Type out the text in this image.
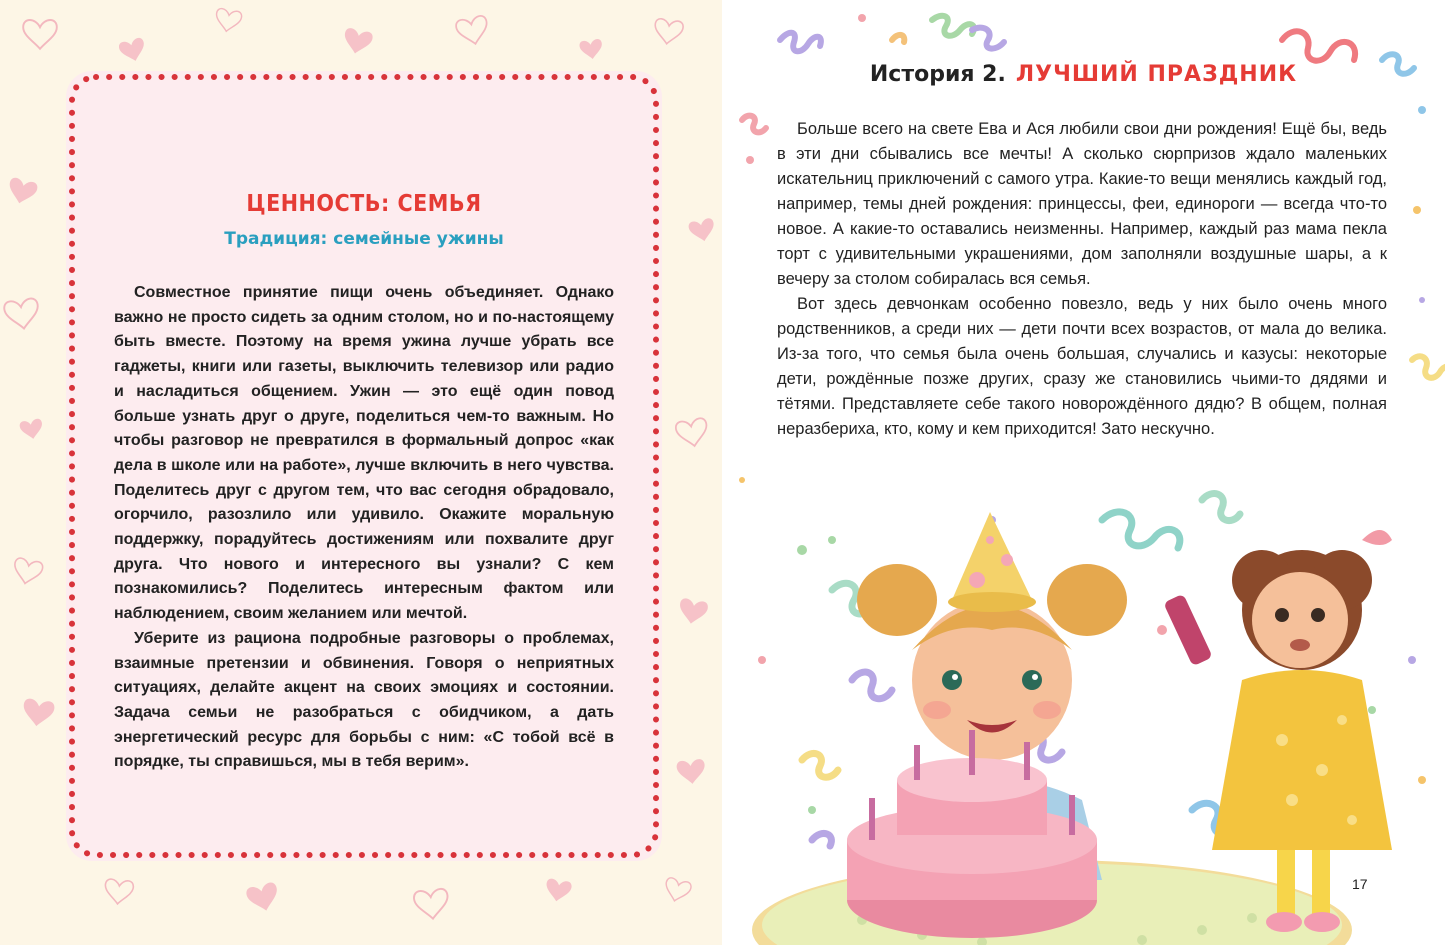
ЦЕННОСТЬ: СЕМЬЯ
Традиция: семейные ужины

Совместное принятие пищи очень объединяет. Однако важно не просто сидеть за одним столом, но и по-настоящему быть вместе. Поэтому на время ужина лучше убрать все гаджеты, книги или газеты, выключить телевизор или радио и насладиться общением. Ужин — это ещё один повод больше узнать друг о друге, поделиться чем-то важным. Но чтобы разговор не превратился в формальный допрос «как дела в школе или на работе», лучше включить в него чувства. Поделитесь друг с другом тем, что вас сегодня обрадовало, огорчило, разозлило или удивило. Окажите моральную поддержку, порадуйтесь достижениям или похвалите друг друга. Что нового и интересного вы узнали? С кем познакомились? Поделитесь интересным фактом или наблюдением, своим желанием или мечтой.

Уберите из рациона подробные разговоры о проблемах, взаимные претензии и обвинения. Говоря о неприятных ситуациях, делайте акцент на своих эмоциях и состоянии. Задача семьи не разобраться с обидчиком, а дать энергетический ресурс для борьбы с ним: «С тобой всё в порядке, ты справишься, мы в тебя верим».

История 2. ЛУЧШИЙ ПРАЗДНИК

Больше всего на свете Ева и Ася любили свои дни рождения! Ещё бы, ведь в эти дни сбывались все мечты! А сколько сюрпризов ждало маленьких искательниц приключений с самого утра. Какие-то вещи менялись каждый год, например, темы дней рождения: принцессы, феи, единороги — всегда что-то новое. А какие-то оставались неизменны. Например, каждый раз мама пекла торт с удивительными украшениями, дом заполняли воздушные шары, а к вечеру за столом собиралась вся семья.

Вот здесь девчонкам особенно повезло, ведь у них было очень много родственников, а среди них — дети почти всех возрастов, от мала до велика. Из-за того, что семья была очень большая, случались и казусы: некоторые дети, рождённые позже других, сразу же становились чьими-то дядями и тётями. Представляете себе такого новорождённого дядю? В общем, полная неразбериха, кто, кому и кем приходится! Зато нескучно.

17
